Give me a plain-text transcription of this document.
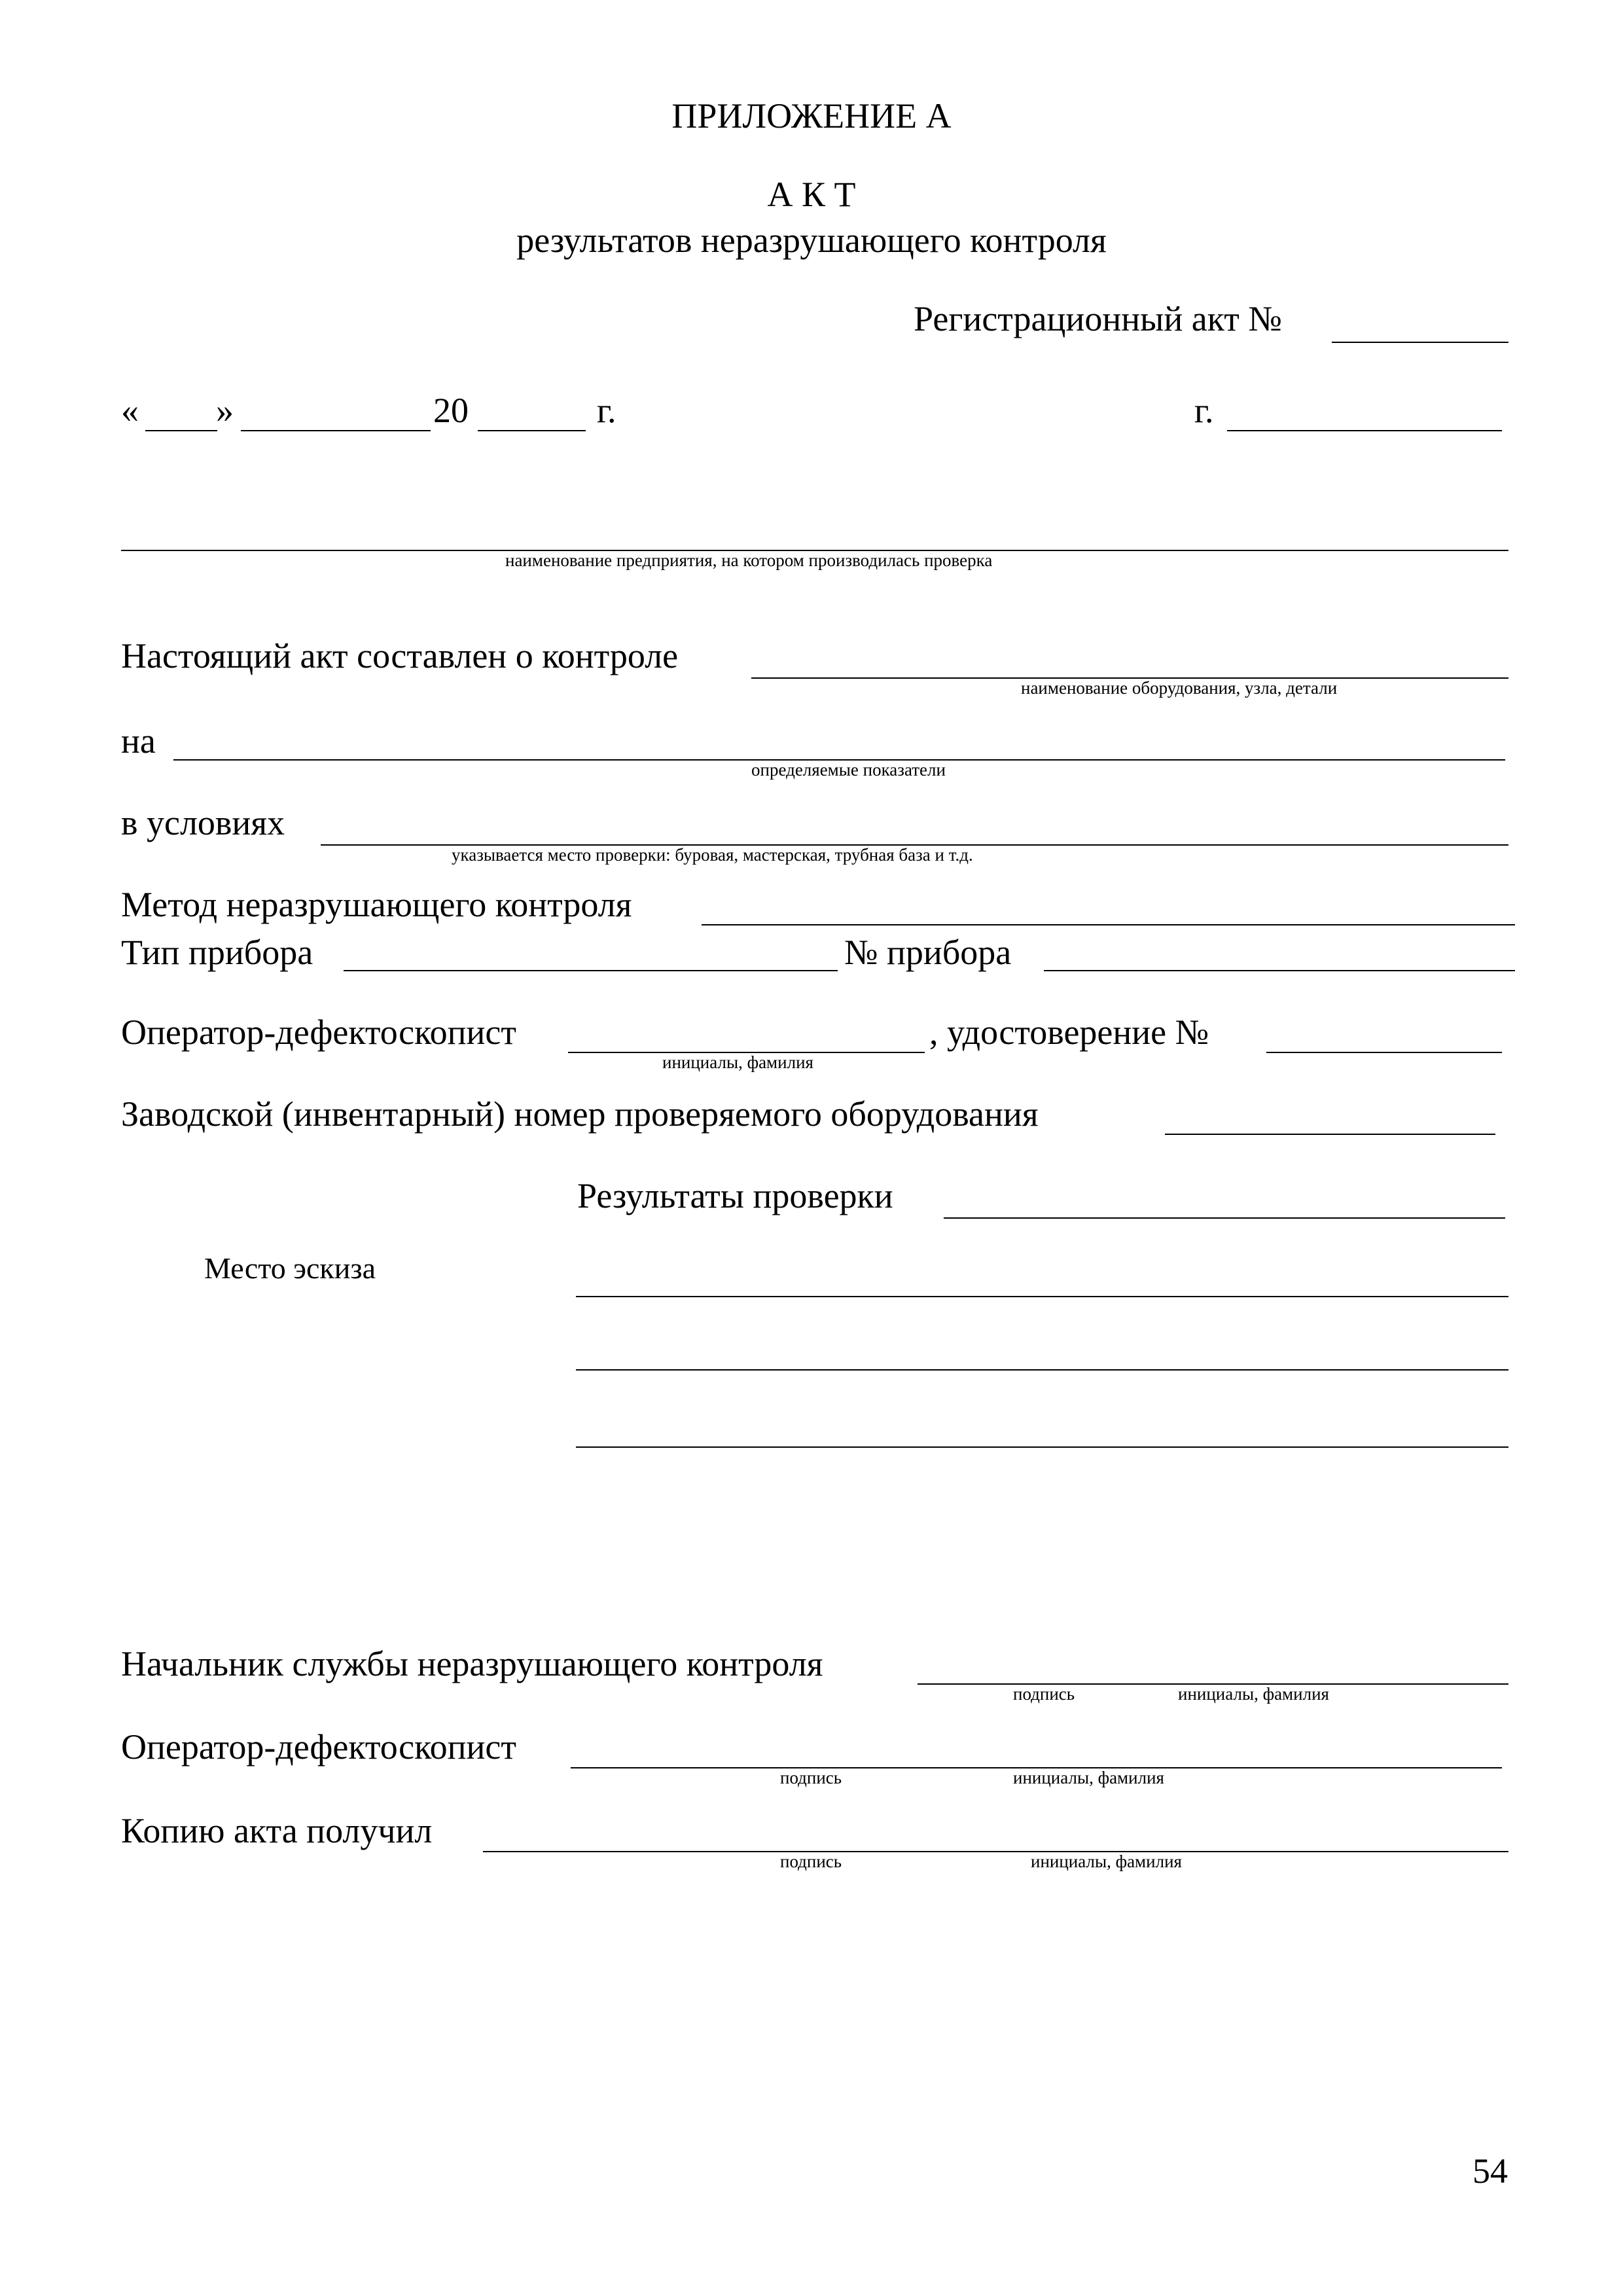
ПРИЛОЖЕНИЕ А
А К Т
результатов неразрушающего контроля
Регистрационный акт №
« »	20	г.	г.
наименование предприятия, на котором производилась проверка
Настоящий акт составлен о контроле
наименование оборудования, узла, детали
на
определяемые показатели
в условиях
указывается место проверки: буровая, мастерская, трубная база и т.д.
Метод неразрушающего контроля
Тип прибора	№ прибора
Оператор-дефектоскопист
инициалы, фамилия
, удостоверение №
Заводской (инвентарный) номер проверяемого оборудования
Результаты проверки
Место эскиза
Начальник службы неразрушающего контроля
подпись	инициалы, фамилия
Оператор-дефектоскопист
подпись	инициалы, фамилия
Копию акта получил
подпись	инициалы, фамилия
54
